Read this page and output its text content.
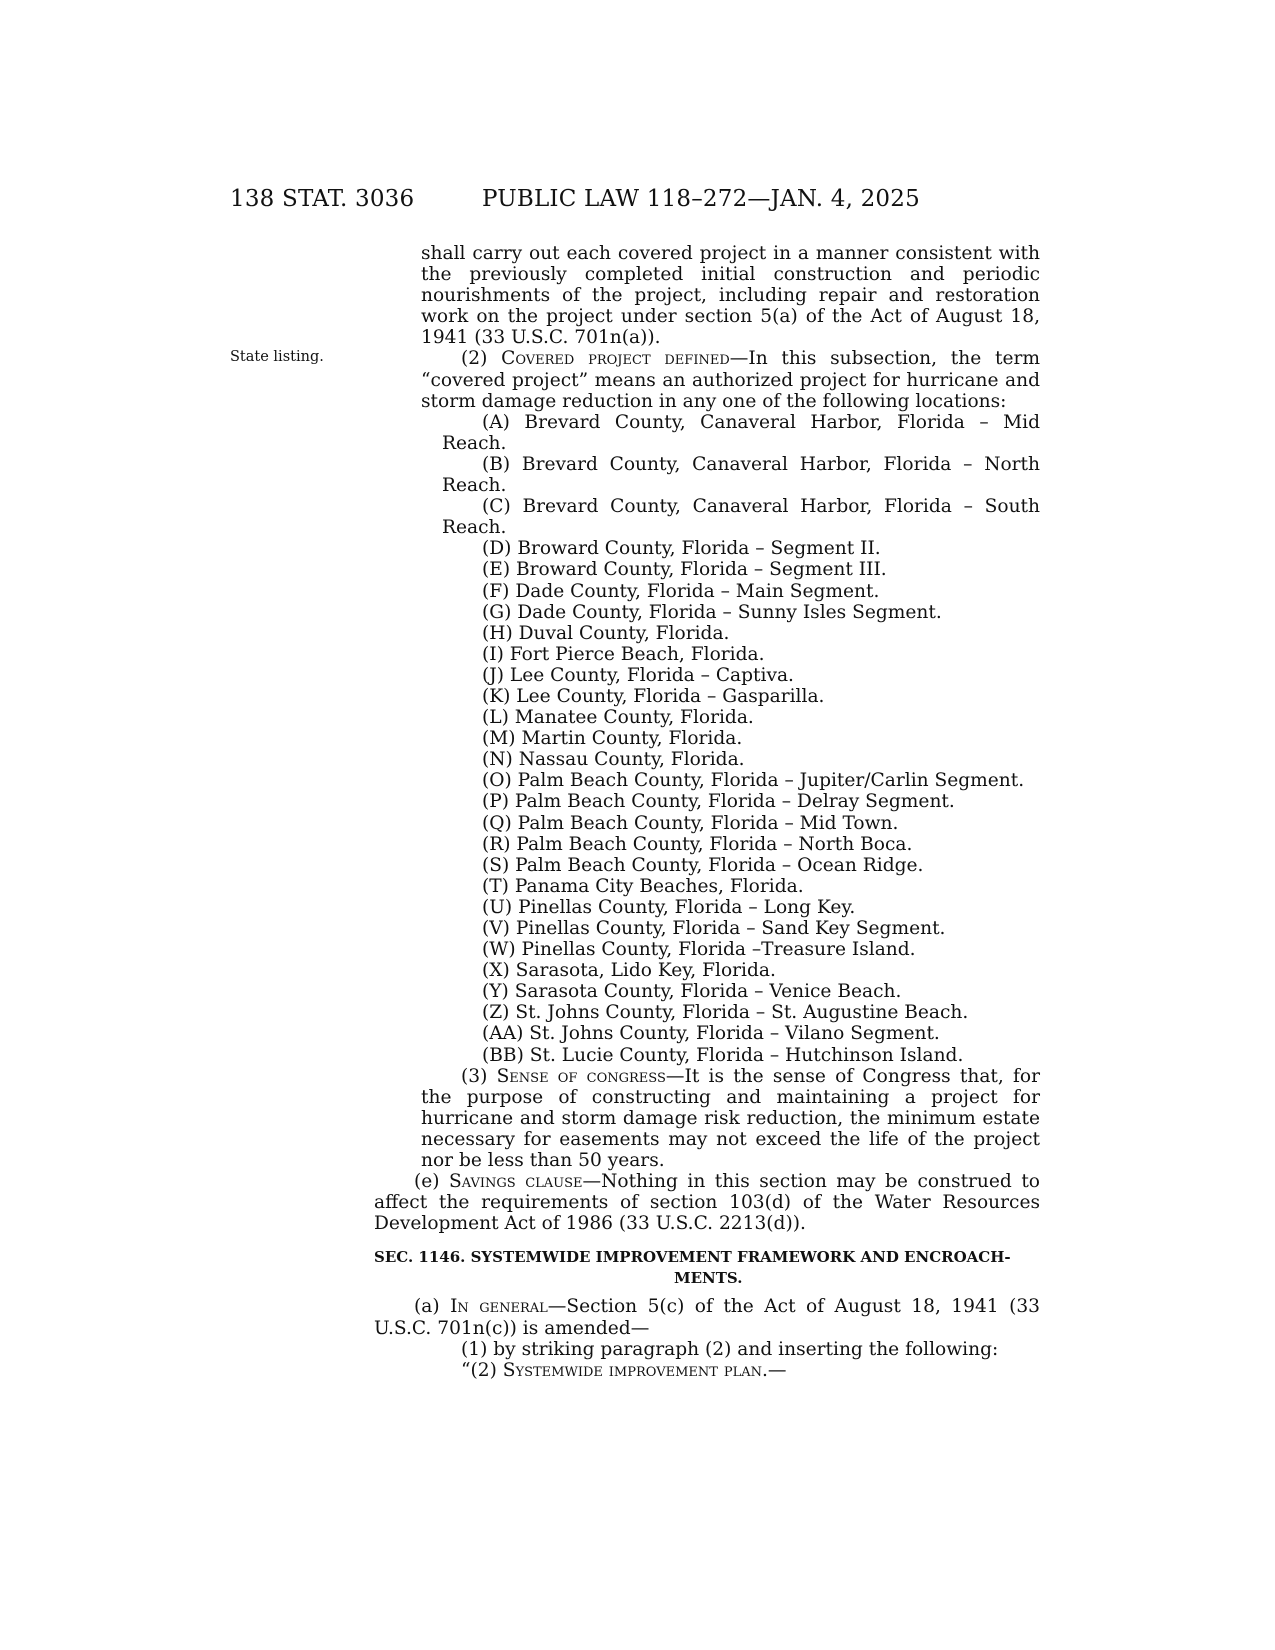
138 STAT. 3036	PUBLIC LAW 118–272—JAN. 4, 2025
State listing.

shall carry out each covered project in a manner consistent with the previously completed initial construction and periodic nourishments of the project, including repair and restoration work on the project under section 5(a) of the Act of August 18, 1941 (33 U.S.C. 701n(a)).

(2) Covered project defined—In this subsection, the term “covered project” means an authorized project for hurricane and storm damage reduction in any one of the following locations:

(A) Brevard County, Canaveral Harbor, Florida – Mid Reach.

(B) Brevard County, Canaveral Harbor, Florida – North Reach.

(C) Brevard County, Canaveral Harbor, Florida – South Reach.

(D) Broward County, Florida – Segment II.

(E) Broward County, Florida – Segment III.

(F) Dade County, Florida – Main Segment.

(G) Dade County, Florida – Sunny Isles Segment.

(H) Duval County, Florida.

(I) Fort Pierce Beach, Florida.

(J) Lee County, Florida – Captiva.

(K) Lee County, Florida – Gasparilla.

(L) Manatee County, Florida.

(M) Martin County, Florida.

(N) Nassau County, Florida.

(O) Palm Beach County, Florida – Jupiter/Carlin Segment.

(P) Palm Beach County, Florida – Delray Segment.

(Q) Palm Beach County, Florida – Mid Town.

(R) Palm Beach County, Florida – North Boca.

(S) Palm Beach County, Florida – Ocean Ridge.

(T) Panama City Beaches, Florida.

(U) Pinellas County, Florida – Long Key.

(V) Pinellas County, Florida – Sand Key Segment.

(W) Pinellas County, Florida –Treasure Island.

(X) Sarasota, Lido Key, Florida.

(Y) Sarasota County, Florida – Venice Beach.

(Z) St. Johns County, Florida – St. Augustine Beach.

(AA) St. Johns County, Florida – Vilano Segment.

(BB) St. Lucie County, Florida – Hutchinson Island.

(3) Sense of congress—It is the sense of Congress that, for the purpose of constructing and maintaining a project for hurricane and storm damage risk reduction, the minimum estate necessary for easements may not exceed the life of the project nor be less than 50 years.

(e) Savings clause—Nothing in this section may be construed to affect the requirements of section 103(d) of the Water Resources Development Act of 1986 (33 U.S.C. 2213(d)).

SEC. 1146. SYSTEMWIDE IMPROVEMENT FRAMEWORK AND ENCROACH-
MENTS.

(a) In general—Section 5(c) of the Act of August 18, 1941 (33 U.S.C. 701n(c)) is amended—

(1) by striking paragraph (2) and inserting the following:

“(2) Systemwide improvement plan.—
